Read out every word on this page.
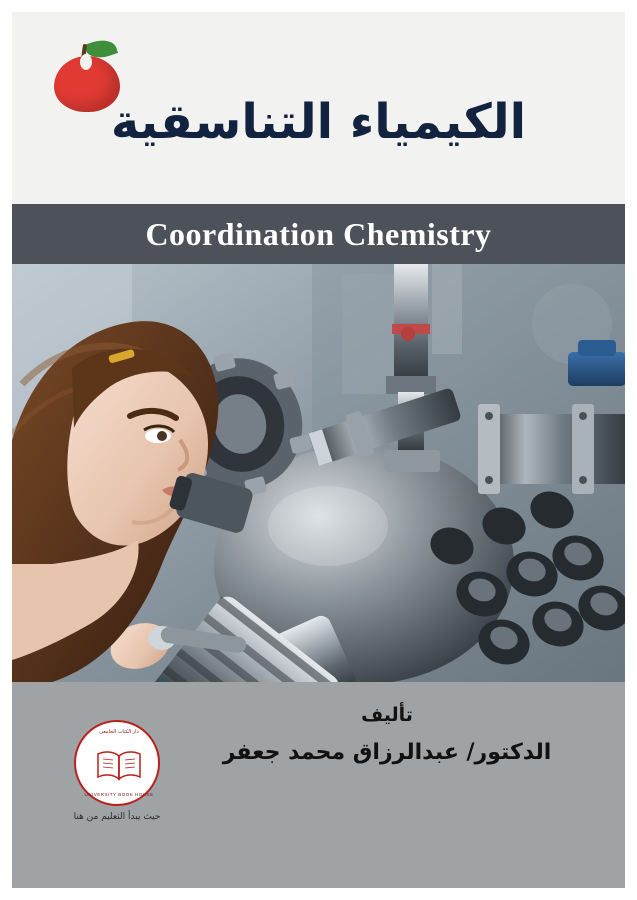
الكيمياء التناسقية
Coordination Chemistry
تأليف
الدكتور/ عبدالرزاق محمد جعفر
دار الكتاب الجامعي
UNIVERSITY BOOK HOUSE
حيث يبدأ التعليم من هنا
